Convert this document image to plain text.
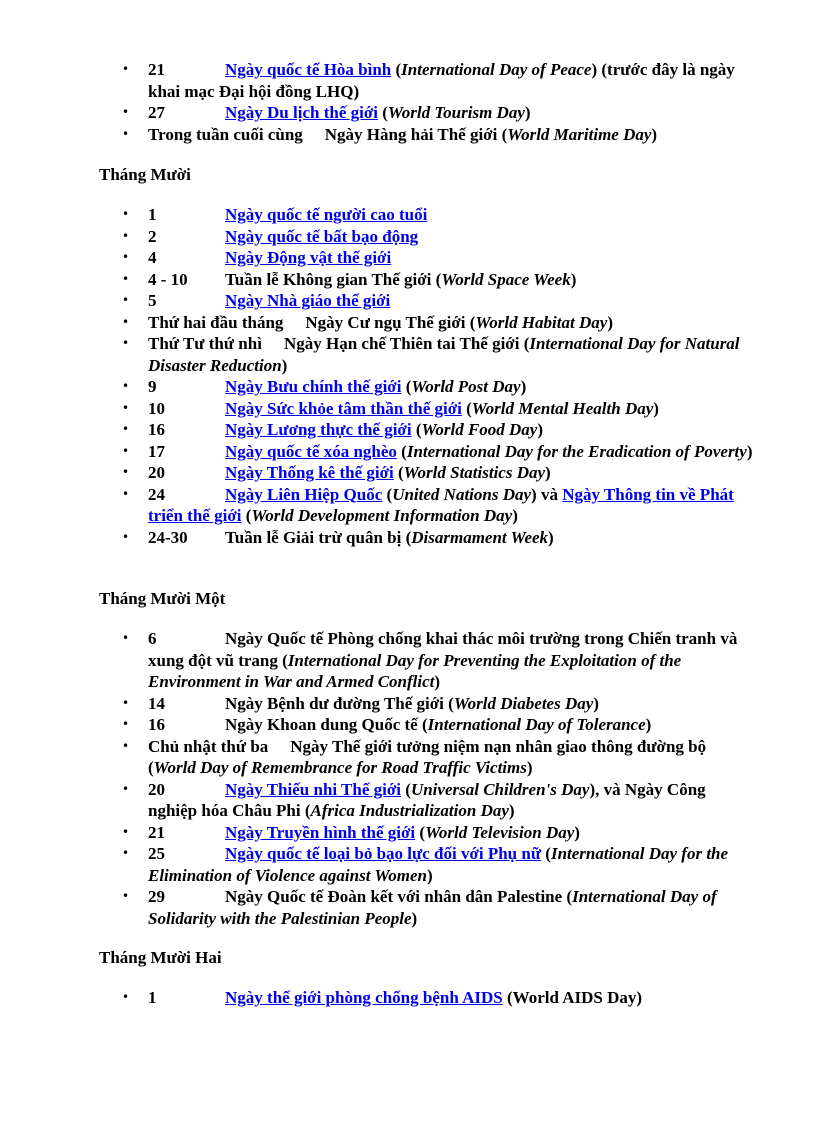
• 21	Ngày quốc tế Hòa bình (International Day of Peace) (trước đây là ngày khai mạc Đại hội đồng LHQ)
• 27	Ngày Du lịch thế giới (World Tourism Day)
• Trong tuần cuối cùng Ngày Hàng hải Thế giới (World Maritime Day)
Tháng Mười
• 1	Ngày quốc tế người cao tuổi
• 2	Ngày quốc tế bất bạo động
• 4	Ngày Động vật thế giới
• 4 - 10 Tuần lễ Không gian Thế giới (World Space Week)
• 5	Ngày Nhà giáo thế giới
• Thứ hai đầu tháng Ngày Cư ngụ Thế giới (World Habitat Day)
• Thứ Tư thứ nhì Ngày Hạn chế Thiên tai Thế giới (International Day for Natural Disaster Reduction)
• 9	Ngày Bưu chính thế giới (World Post Day)
• 10	Ngày Sức khỏe tâm thần thế giới (World Mental Health Day)
• 16	Ngày Lương thực thế giới (World Food Day)
• 17	Ngày quốc tế xóa nghèo (International Day for the Eradication of Poverty)
• 20	Ngày Thống kê thế giới (World Statistics Day)
• 24	Ngày Liên Hiệp Quốc (United Nations Day) và Ngày Thông tin về Phát triển thế giới (World Development Information Day)
• 24-30 Tuần lễ Giải trừ quân bị (Disarmament Week)
Tháng Mười Một
• 6	Ngày Quốc tế Phòng chống khai thác môi trường trong Chiến tranh và xung đột vũ trang (International Day for Preventing the Exploitation of the Environment in War and Armed Conflict)
• 14	Ngày Bệnh dư đường Thế giới (World Diabetes Day)
• 16	Ngày Khoan dung Quốc tế (International Day of Tolerance)
• Chủ nhật thứ ba Ngày Thế giới tưởng niệm nạn nhân giao thông đường bộ (World Day of Remembrance for Road Traffic Victims)
• 20	Ngày Thiếu nhi Thế giới (Universal Children's Day), và Ngày Công nghiệp hóa Châu Phi (Africa Industrialization Day)
• 21	Ngày Truyền hình thế giới (World Television Day)
• 25	Ngày quốc tế loại bỏ bạo lực đối với Phụ nữ (International Day for the Elimination of Violence against Women)
• 29	Ngày Quốc tế Đoàn kết với nhân dân Palestine (International Day of Solidarity with the Palestinian People)
Tháng Mười Hai
• 1	Ngày thế giới phòng chống bệnh AIDS (World AIDS Day)
